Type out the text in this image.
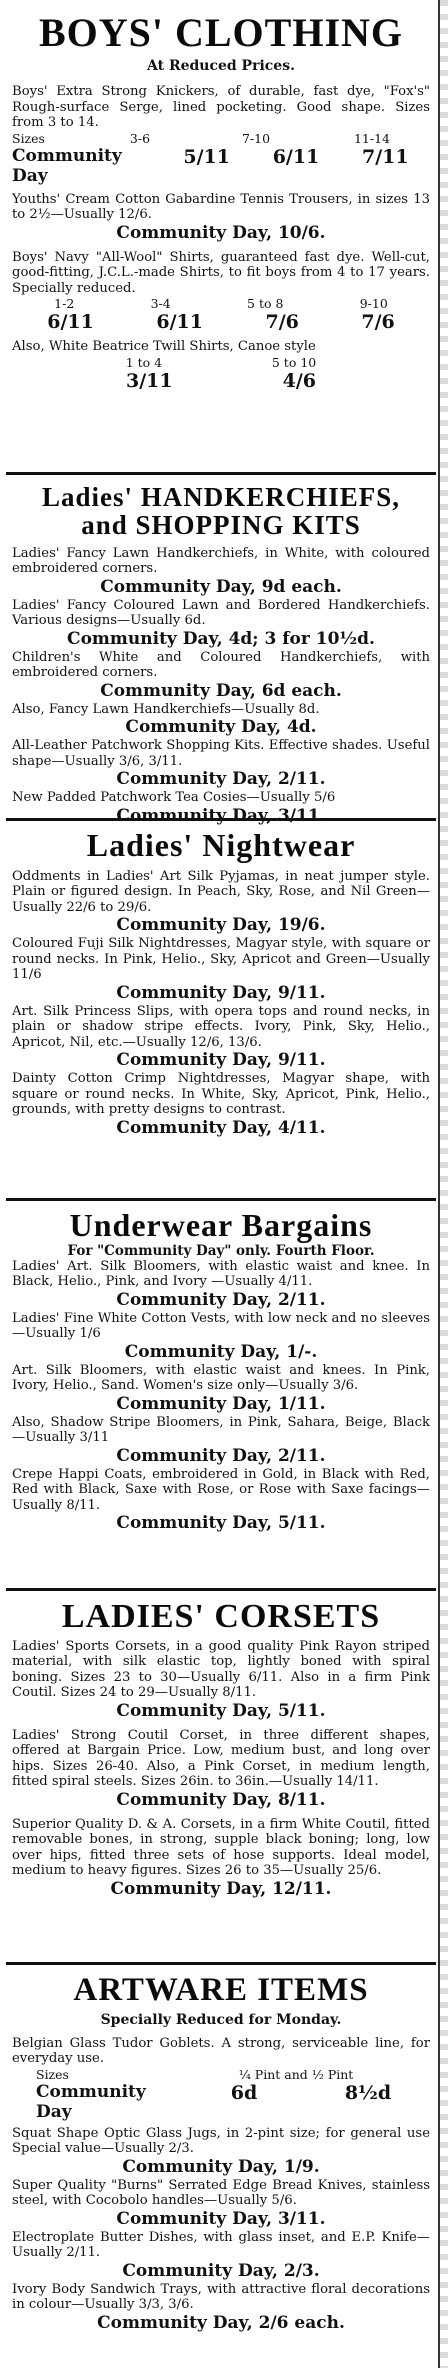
BOYS' CLOTHING
At Reduced Prices.
Boys' Extra Strong Knickers, of durable, fast dye, "Fox's" Rough-surface Serge, lined pocketing. Good shape. Sizes from 3 to 14.
Sizes	3-6	7-10	11-14
Community Day
5/11	6/11	7/11
Youths' Cream Cotton Gabardine Tennis Trousers, in sizes 13 to 2½—Usually 12/6.
Community Day, 10/6.
Boys' Navy "All-Wool" Shirts, guaranteed fast dye. Well-cut, good-fitting, J.C.L.-made Shirts, to fit boys from 4 to 17 years. Specially reduced.
1-2	3-4	5 to 8	9-10
6/11	6/11	7/6	7/6
Also, White Beatrice Twill Shirts, Canoe style
1 to 4	5 to 10
3/11	4/6
Ladies' HANDKERCHIEFS,
and SHOPPING KITS
Ladies' Fancy Lawn Handkerchiefs, in White, with coloured embroidered corners.
Community Day, 9d each.
Ladies' Fancy Coloured Lawn and Bordered Handkerchiefs. Various designs—Usually 6d.
Community Day, 4d; 3 for 10½d.
Children's White and Coloured Handkerchiefs, with embroidered corners.
Community Day, 6d each.
Also, Fancy Lawn Handkerchiefs—Usually 8d.
Community Day, 4d.
All-Leather Patchwork Shopping Kits. Effective shades. Useful shape—Usually 3/6, 3/11.
Community Day, 2/11.
New Padded Patchwork Tea Cosies—Usually 5/6
Community Day, 3/11.
Ladies' Nightwear
Oddments in Ladies' Art Silk Pyjamas, in neat jumper style. Plain or figured design. In Peach, Sky, Rose, and Nil Green—Usually 22/6 to 29/6.
Community Day, 19/6.
Coloured Fuji Silk Nightdresses, Magyar style, with square or round necks. In Pink, Helio., Sky, Apricot and Green—Usually 11/6
Community Day, 9/11.
Art. Silk Princess Slips, with opera tops and round necks, in plain or shadow stripe effects. Ivory, Pink, Sky, Helio., Apricot, Nil, etc.—Usually 12/6, 13/6.
Community Day, 9/11.
Dainty Cotton Crimp Nightdresses, Magyar shape, with square or round necks. In White, Sky, Apricot, Pink, Helio., grounds, with pretty designs to contrast.
Community Day, 4/11.
Underwear Bargains
For "Community Day" only. Fourth Floor.
Ladies' Art. Silk Bloomers, with elastic waist and knee. In Black, Helio., Pink, and Ivory —Usually 4/11.
Community Day, 2/11.
Ladies' Fine White Cotton Vests, with low neck and no sleeves—Usually 1/6
Community Day, 1/-.
Art. Silk Bloomers, with elastic waist and knees. In Pink, Ivory, Helio., Sand. Women's size only—Usually 3/6.
Community Day, 1/11.
Also, Shadow Stripe Bloomers, in Pink, Sahara, Beige, Black—Usually 3/11
Community Day, 2/11.
Crepe Happi Coats, embroidered in Gold, in Black with Red, Red with Black, Saxe with Rose, or Rose with Saxe facings—Usually 8/11.
Community Day, 5/11.
LADIES' CORSETS
Ladies' Sports Corsets, in a good quality Pink Rayon striped material, with silk elastic top, lightly boned with spiral boning. Sizes 23 to 30—Usually 6/11. Also in a firm Pink Coutil. Sizes 24 to 29—Usually 8/11.
Community Day, 5/11.
Ladies' Strong Coutil Corset, in three different shapes, offered at Bargain Price. Low, medium bust, and long over hips. Sizes 26-40. Also, a Pink Corset, in medium length, fitted spiral steels. Sizes 26in. to 36in.—Usually 14/11.
Community Day, 8/11.
Superior Quality D. & A. Corsets, in a firm White Coutil, fitted removable bones, in strong, supple black boning; long, low over hips, fitted three sets of hose supports. Ideal model, medium to heavy figures. Sizes 26 to 35—Usually 25/6.
Community Day, 12/11.
ARTWARE ITEMS
Specially Reduced for Monday.
Belgian Glass Tudor Goblets. A strong, serviceable line, for everyday use.
Sizes	¼ Pint and ½ Pint
Community Day
6d	8½d
Squat Shape Optic Glass Jugs, in 2-pint size; for general use Special value—Usually 2/3.
Community Day, 1/9.
Super Quality "Burns" Serrated Edge Bread Knives, stainless steel, with Cocobolo handles—Usually 5/6.
Community Day, 3/11.
Electroplate Butter Dishes, with glass inset, and E.P. Knife—Usually 2/11.
Community Day, 2/3.
Ivory Body Sandwich Trays, with attractive floral decorations in colour—Usually 3/3, 3/6.
Community Day, 2/6 each.
